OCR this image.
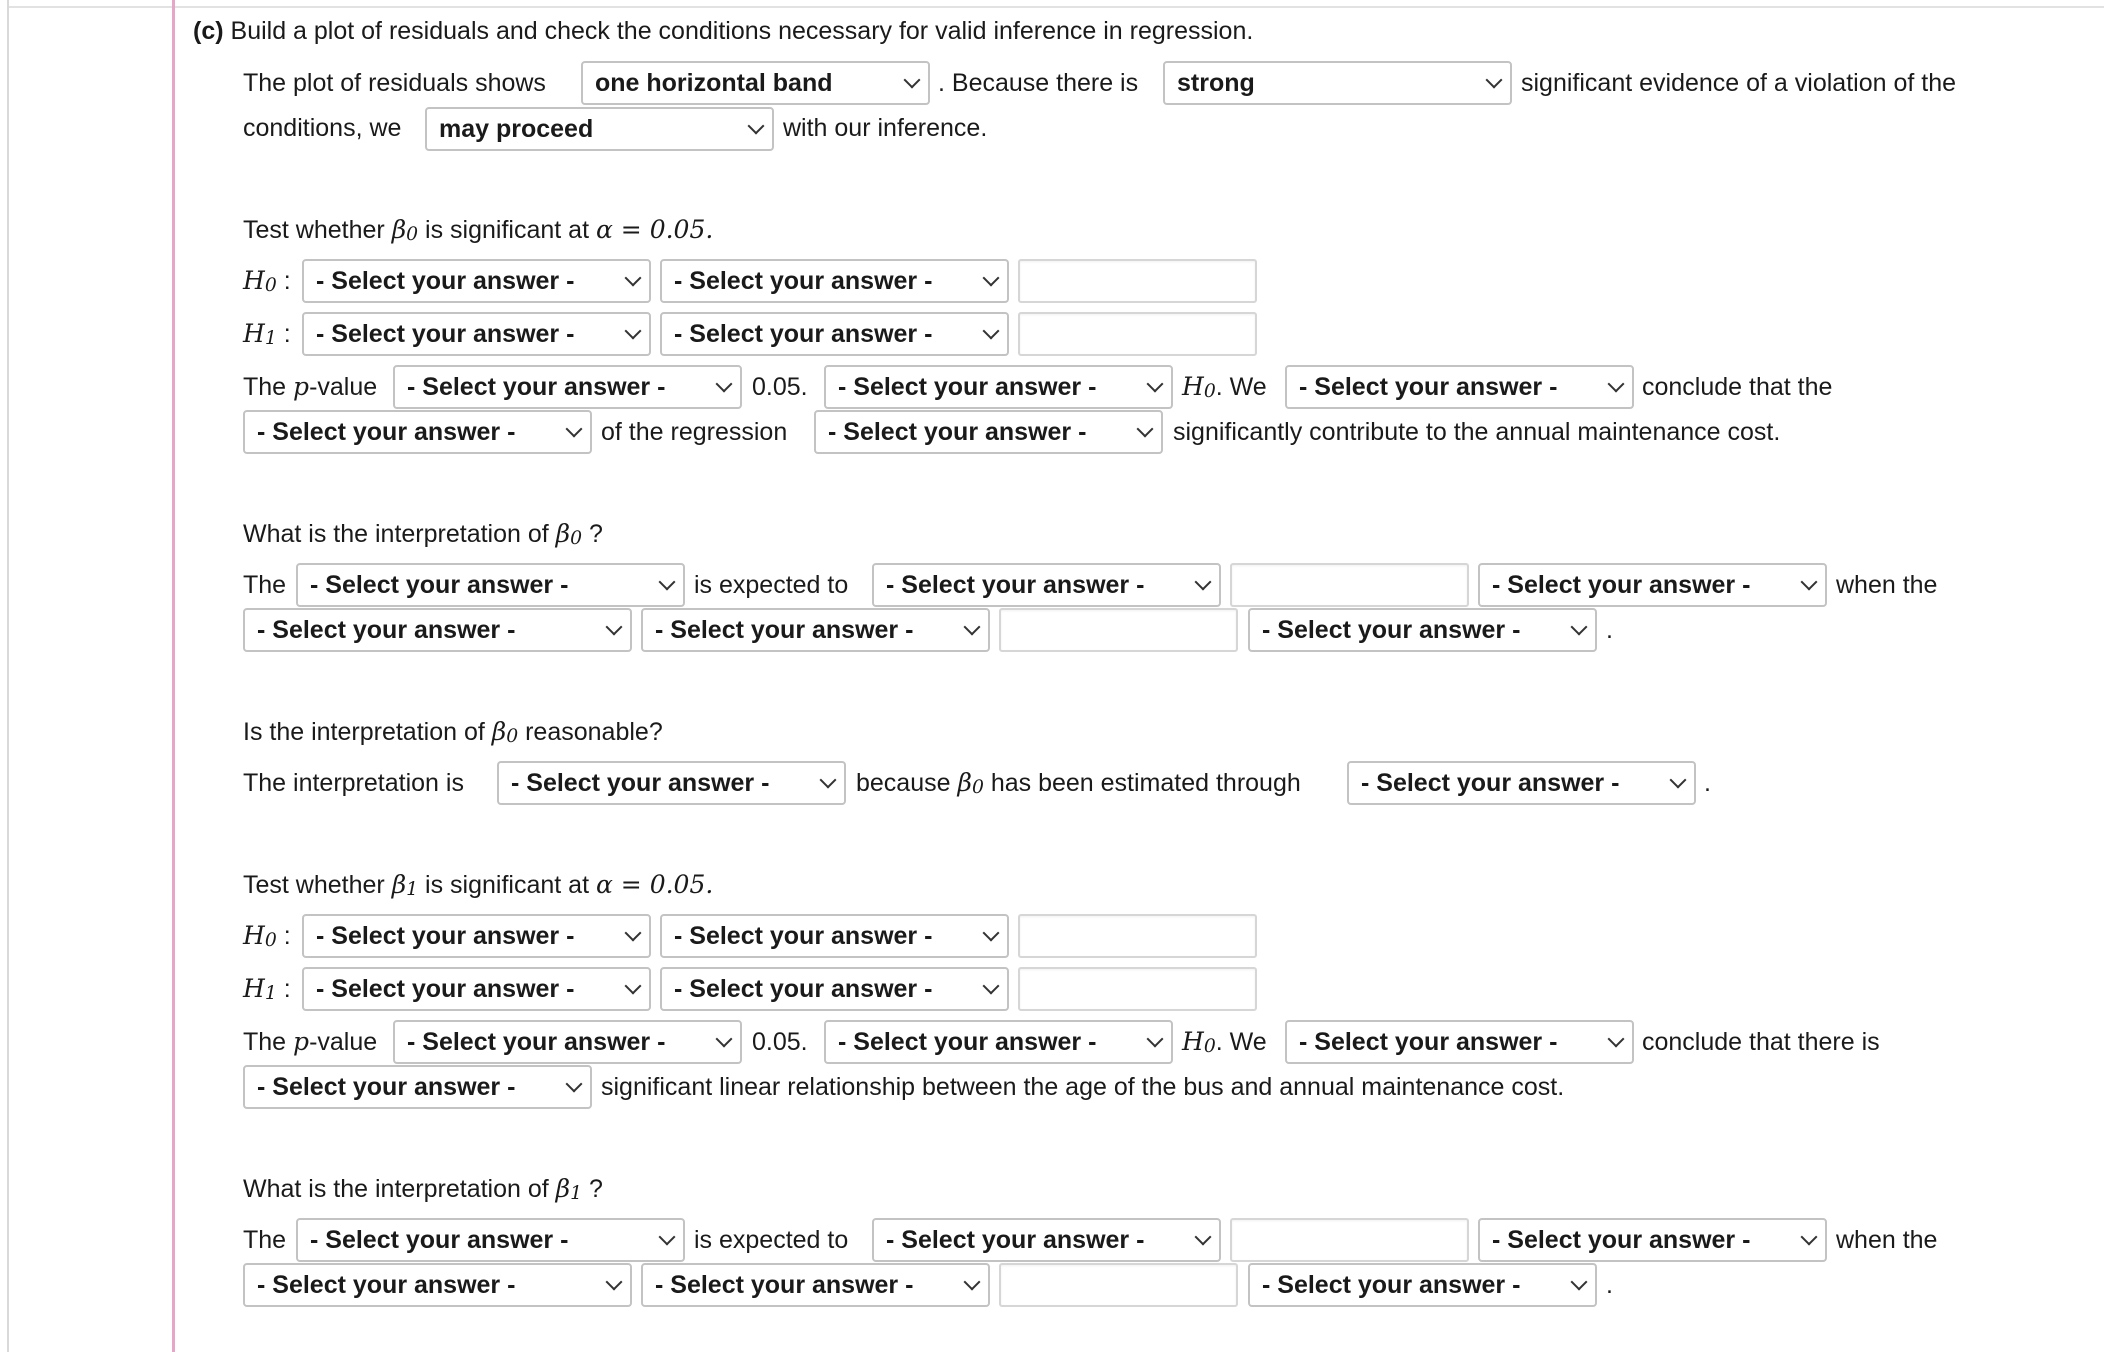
(c) Build a plot of residuals and check the conditions necessary for valid inference in regression.
The plot of residuals shows	one horizontal band	. Because there is	strong	significant evidence of a violation of the
conditions, we	may proceed	with our inference.
Test whether $\beta_0$ is significant at α = 0.05.
$H_0$ :	- Select your answer -	- Select your answer -
$H_1$ :	- Select your answer -	- Select your answer -
The p-value	- Select your answer -	0.05.	- Select your answer -	$H_0$. We	- Select your answer -	conclude that the
- Select your answer -	of the regression	- Select your answer -	significantly contribute to the annual maintenance cost.
What is the interpretation of $\beta_0$ ?
The - Select your answer -	is expected to	- Select your answer -	- Select your answer -	when the
- Select your answer -	- Select your answer -	- Select your answer -	.
Is the interpretation of $\beta_0$ reasonable?
The interpretation is	- Select your answer -	because $\beta_0$ has been estimated through	- Select your answer -	.
Test whether $\beta_1$ is significant at α = 0.05.
$H_0$ :	- Select your answer -	- Select your answer -
$H_1$ :	- Select your answer -	- Select your answer -
The p-value	- Select your answer -	0.05.	- Select your answer -	$H_0$. We	- Select your answer -	conclude that there is
- Select your answer -	significant linear relationship between the age of the bus and annual maintenance cost.
What is the interpretation of $\beta_1$ ?
The - Select your answer -	is expected to	- Select your answer -	- Select your answer -	when the
- Select your answer -	- Select your answer -	- Select your answer -	.
